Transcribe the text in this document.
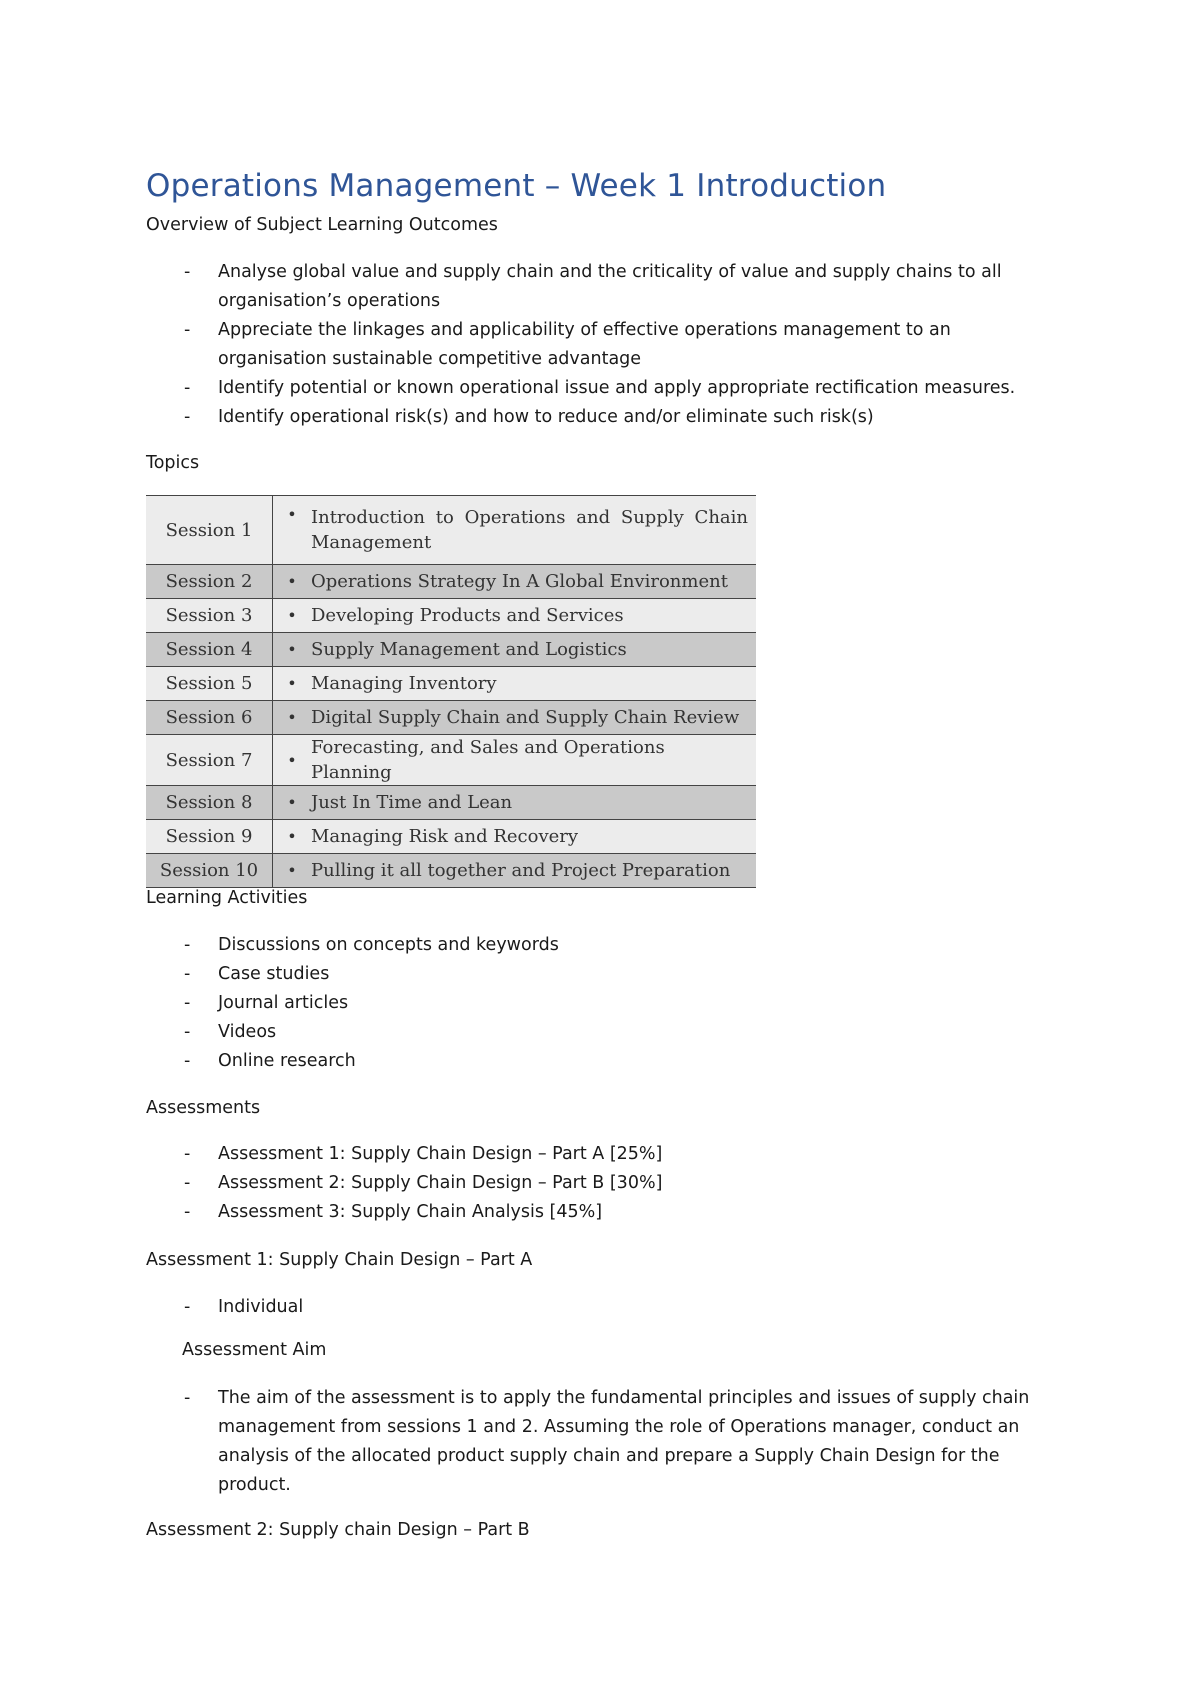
Operations Management – Week 1 Introduction
Overview of Subject Learning Outcomes
- Analyse global value and supply chain and the criticality of value and supply chains to all organisation’s operations
- Appreciate the linkages and applicability of effective operations management to an organisation sustainable competitive advantage
- Identify potential or known operational issue and apply appropriate rectification measures.
- Identify operational risk(s) and how to reduce and/or eliminate such risk(s)
Topics
Session 1	•	Introduction to Operations and Supply Chain Management
Session 2	•	Operations Strategy In A Global Environment
Session 3	•	Developing Products and Services
Session 4	•	Supply Management and Logistics
Session 5	•	Managing Inventory
Session 6	•	Digital Supply Chain and Supply Chain Review
Session 7	•	Forecasting, and Sales and Operations Planning
Session 8	•	Just In Time and Lean
Session 9	•	Managing Risk and Recovery
Session 10	•	Pulling it all together and Project Preparation
Learning Activities
- Discussions on concepts and keywords
- Case studies
- Journal articles
- Videos
- Online research
Assessments
- Assessment 1: Supply Chain Design – Part A [25%]
- Assessment 2: Supply Chain Design – Part B [30%]
- Assessment 3: Supply Chain Analysis [45%]
Assessment 1: Supply Chain Design – Part A
- Individual
Assessment Aim
- The aim of the assessment is to apply the fundamental principles and issues of supply chain management from sessions 1 and 2. Assuming the role of Operations manager, conduct an analysis of the allocated product supply chain and prepare a Supply Chain Design for the product.
Assessment 2: Supply chain Design – Part B
